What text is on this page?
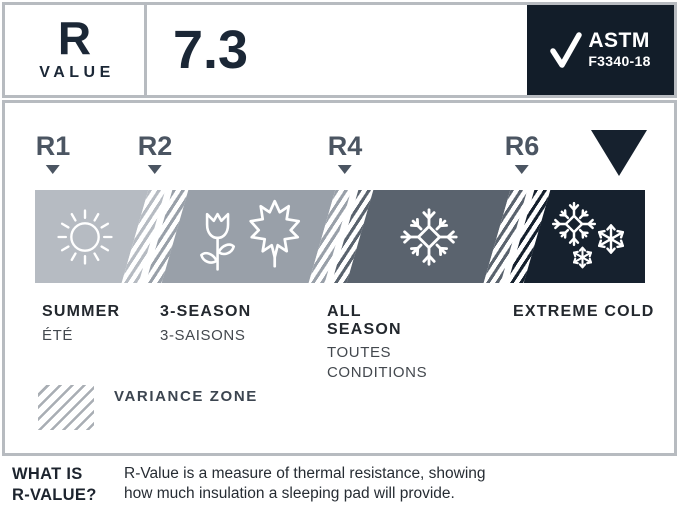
R
VALUE	7.3	ASTM
F3340-18
R1 R2	R4	R6
SUMMER
ÉTÉ
3-SEASON
3-SAISONS
ALL SEASON
TOUTES CONDITIONS
EXTREME COLD
VARIANCE ZONE
WHAT IS
R-VALUE?
R-Value is a measure of thermal resistance, showing
how much insulation a sleeping pad will provide.
